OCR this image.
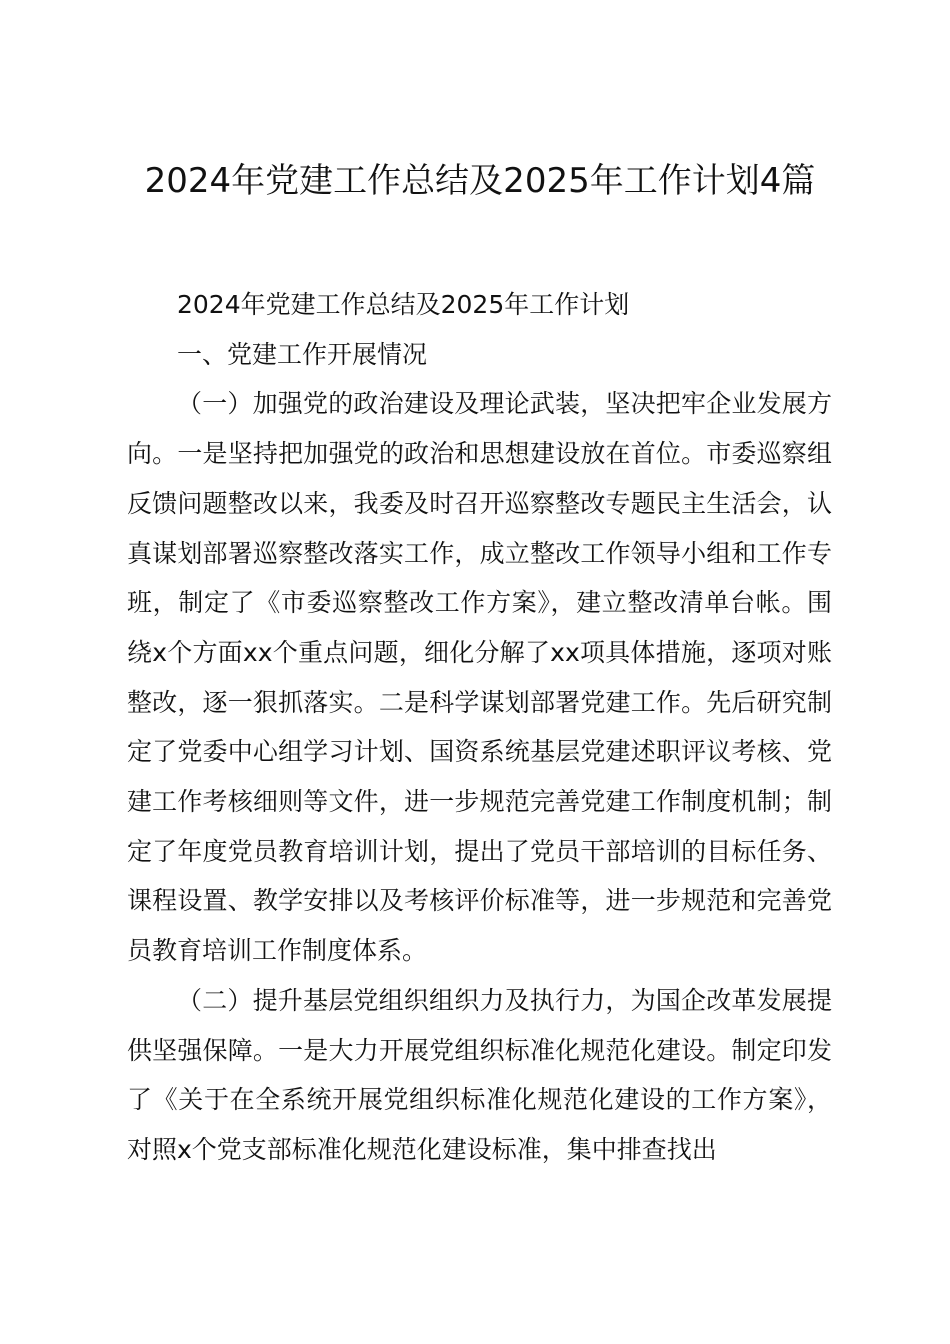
2024年党建工作总结及2025年工作计划4篇

2024年党建工作总结及2025年工作计划

一、党建工作开展情况

（一）加强党的政治建设及理论武装，坚决把牢企业发展方向。一是坚持把加强党的政治和思想建设放在首位。市委巡察组反馈问题整改以来，我委及时召开巡察整改专题民主生活会，认真谋划部署巡察整改落实工作，成立整改工作领导小组和工作专班，制定了《市委巡察整改工作方案》，建立整改清单台帐。围绕x个方面xx个重点问题，细化分解了xx项具体措施，逐项对账整改，逐一狠抓落实。二是科学谋划部署党建工作。先后研究制定了党委中心组学习计划、国资系统基层党建述职评议考核、党建工作考核细则等文件，进一步规范完善党建工作制度机制；制定了年度党员教育培训计划，提出了党员干部培训的目标任务、课程设置、教学安排以及考核评价标准等，进一步规范和完善党员教育培训工作制度体系。

（二）提升基层党组织组织力及执行力，为国企改革发展提供坚强保障。一是大力开展党组织标准化规范化建设。制定印发了《关于在全系统开展党组织标准化规范化建设的工作方案》，对照x个党支部标准化规范化建设标准，集中排查找出
